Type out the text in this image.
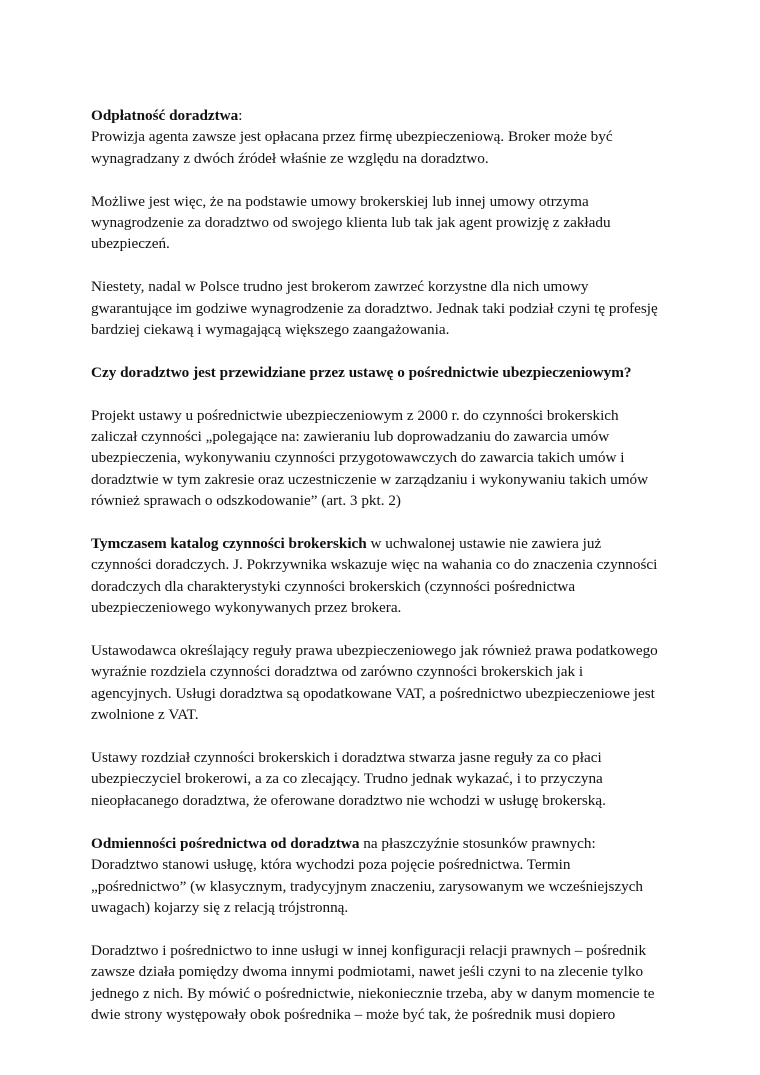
Odpłatność doradztwa:
Prowizja agenta zawsze jest opłacana przez firmę ubezpieczeniową. Broker może być
wynagradzany z dwóch źródeł właśnie ze względu na doradztwo.
Możliwe jest więc, że na podstawie umowy brokerskiej lub innej umowy otrzyma
wynagrodzenie za doradztwo od swojego klienta lub tak jak agent prowizję z zakładu
ubezpieczeń.
Niestety, nadal w Polsce trudno jest brokerom zawrzeć korzystne dla nich umowy
gwarantujące im godziwe wynagrodzenie za doradztwo. Jednak taki podział czyni tę profesję
bardziej ciekawą i wymagającą większego zaangażowania.
Czy doradztwo jest przewidziane przez ustawę o pośrednictwie ubezpieczeniowym?
Projekt ustawy u pośrednictwie ubezpieczeniowym z 2000 r. do czynności brokerskich
zaliczał czynności „polegające na: zawieraniu lub doprowadzaniu do zawarcia umów
ubezpieczenia, wykonywaniu czynności przygotowawczych do zawarcia takich umów i
doradztwie w tym zakresie oraz uczestniczenie w zarządzaniu i wykonywaniu takich umów
również sprawach o odszkodowanie” (art. 3 pkt. 2)
Tymczasem katalog czynności brokerskich w uchwalonej ustawie nie zawiera już
czynności doradczych. J. Pokrzywnika wskazuje więc na wahania co do znaczenia czynności
doradczych dla charakterystyki czynności brokerskich (czynności pośrednictwa
ubezpieczeniowego wykonywanych przez brokera.
Ustawodawca określający reguły prawa ubezpieczeniowego jak również prawa podatkowego
wyraźnie rozdziela czynności doradztwa od zarówno czynności brokerskich jak i
agencyjnych. Usługi doradztwa są opodatkowane VAT, a pośrednictwo ubezpieczeniowe jest
zwolnione z VAT.
Ustawy rozdział czynności brokerskich i doradztwa stwarza jasne reguły za co płaci
ubezpieczyciel brokerowi, a za co zlecający. Trudno jednak wykazać, i to przyczyna
nieopłacanego doradztwa, że oferowane doradztwo nie wchodzi w usługę brokerską.
Odmienności pośrednictwa od doradztwa na płaszczyźnie stosunków prawnych:
Doradztwo stanowi usługę, która wychodzi poza pojęcie pośrednictwa. Termin
„pośrednictwo” (w klasycznym, tradycyjnym znaczeniu, zarysowanym we wcześniejszych
uwagach) kojarzy się z relacją trójstronną.
Doradztwo i pośrednictwo to inne usługi w innej konfiguracji relacji prawnych – pośrednik
zawsze działa pomiędzy dwoma innymi podmiotami, nawet jeśli czyni to na zlecenie tylko
jednego z nich. By mówić o pośrednictwie, niekoniecznie trzeba, aby w danym momencie te
dwie strony występowały obok pośrednika – może być tak, że pośrednik musi dopiero
